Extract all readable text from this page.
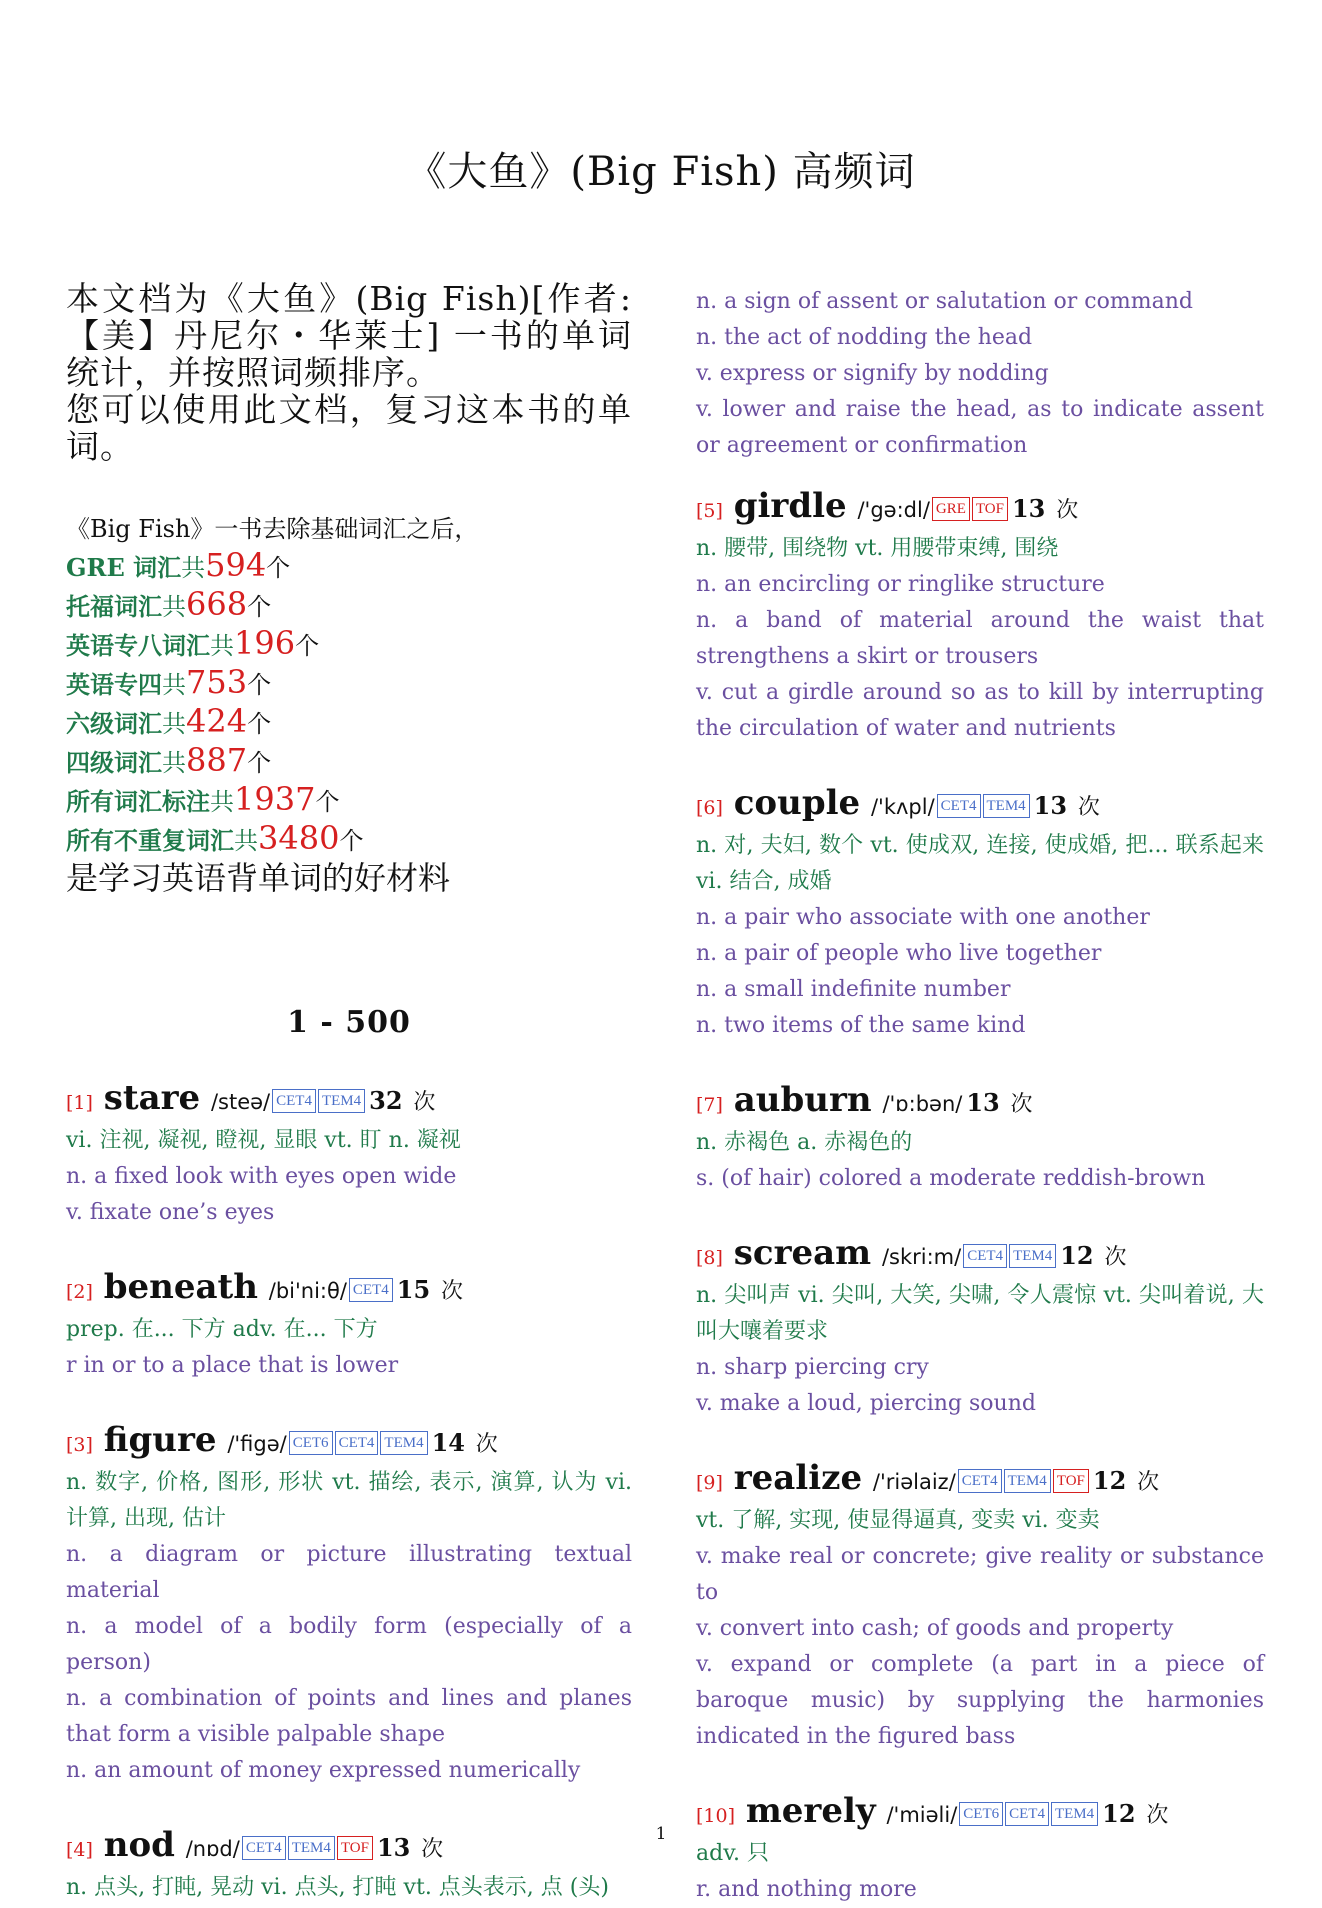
《大鱼》(Big Fish) 高频词

本文档为《大鱼》(Big Fish)[作者:【美】丹尼尔・华莱士] 一书的单词统计，并按照词频排序。

您可以使用此文档，复习这本书的单词。

《Big Fish》一书去除基础词汇之后，
GRE 词汇共594个
托福词汇共668个
英语专八词汇共196个
英语专四共753个
六级词汇共424个
四级词汇共887个
所有词汇标注共1937个
所有不重复词汇共3480个
是学习英语背单词的好材料
1 - 500
[1] stare /steə/ CET4 TEM4 32 次
vi. 注视, 凝视, 瞪视, 显眼 vt. 盯 n. 凝视
n. a fixed look with eyes open wide
v. fixate one’s eyes
[2] beneath /bi'ni:θ/ CET4 15 次
prep. 在... 下方 adv. 在... 下方
r in or to a place that is lower
[3] figure /'figə/ CET6 CET4 TEM4 14 次
n. 数字, 价格, 图形, 形状 vt. 描绘, 表示, 演算, 认为 vi. 计算, 出现, 估计
n. a diagram or picture illustrating textual material
n. a model of a bodily form (especially of a person)
n. a combination of points and lines and planes that form a visible palpable shape
n. an amount of money expressed numerically
[4] nod /nɒd/ CET4 TEM4 TOF 13 次
n. 点头, 打盹, 晃动 vi. 点头, 打盹 vt. 点头表示, 点 (头)
n. a sign of assent or salutation or command
n. the act of nodding the head
v. express or signify by nodding
v. lower and raise the head, as to indicate assent or agreement or confirmation
[5] girdle /'gə:dl/ GRE TOF 13 次
n. 腰带, 围绕物 vt. 用腰带束缚, 围绕
n. an encircling or ringlike structure
n. a band of material around the waist that strengthens a skirt or trousers
v. cut a girdle around so as to kill by interrupting the circulation of water and nutrients
[6] couple /'kʌpl/ CET4 TEM4 13 次
n. 对, 夫妇, 数个 vt. 使成双, 连接, 使成婚, 把... 联系起来 vi. 结合, 成婚
n. a pair who associate with one another
n. a pair of people who live together
n. a small indefinite number
n. two items of the same kind
[7] auburn /'ɒ:bən/ 13 次
n. 赤褐色 a. 赤褐色的
s. (of hair) colored a moderate reddish-brown
[8] scream /skri:m/ CET4 TEM4 12 次
n. 尖叫声 vi. 尖叫, 大笑, 尖啸, 令人震惊 vt. 尖叫着说, 大叫大嚷着要求
n. sharp piercing cry
v. make a loud, piercing sound
[9] realize /'riəlaiz/ CET4 TEM4 TOF 12 次
vt. 了解, 实现, 使显得逼真, 变卖 vi. 变卖
v. make real or concrete; give reality or substance to
v. convert into cash; of goods and property
v. expand or complete (a part in a piece of baroque music) by supplying the harmonies indicated in the figured bass
[10] merely /'miəli/ CET6 CET4 TEM4 12 次
adv. 只
r. and nothing more
1
